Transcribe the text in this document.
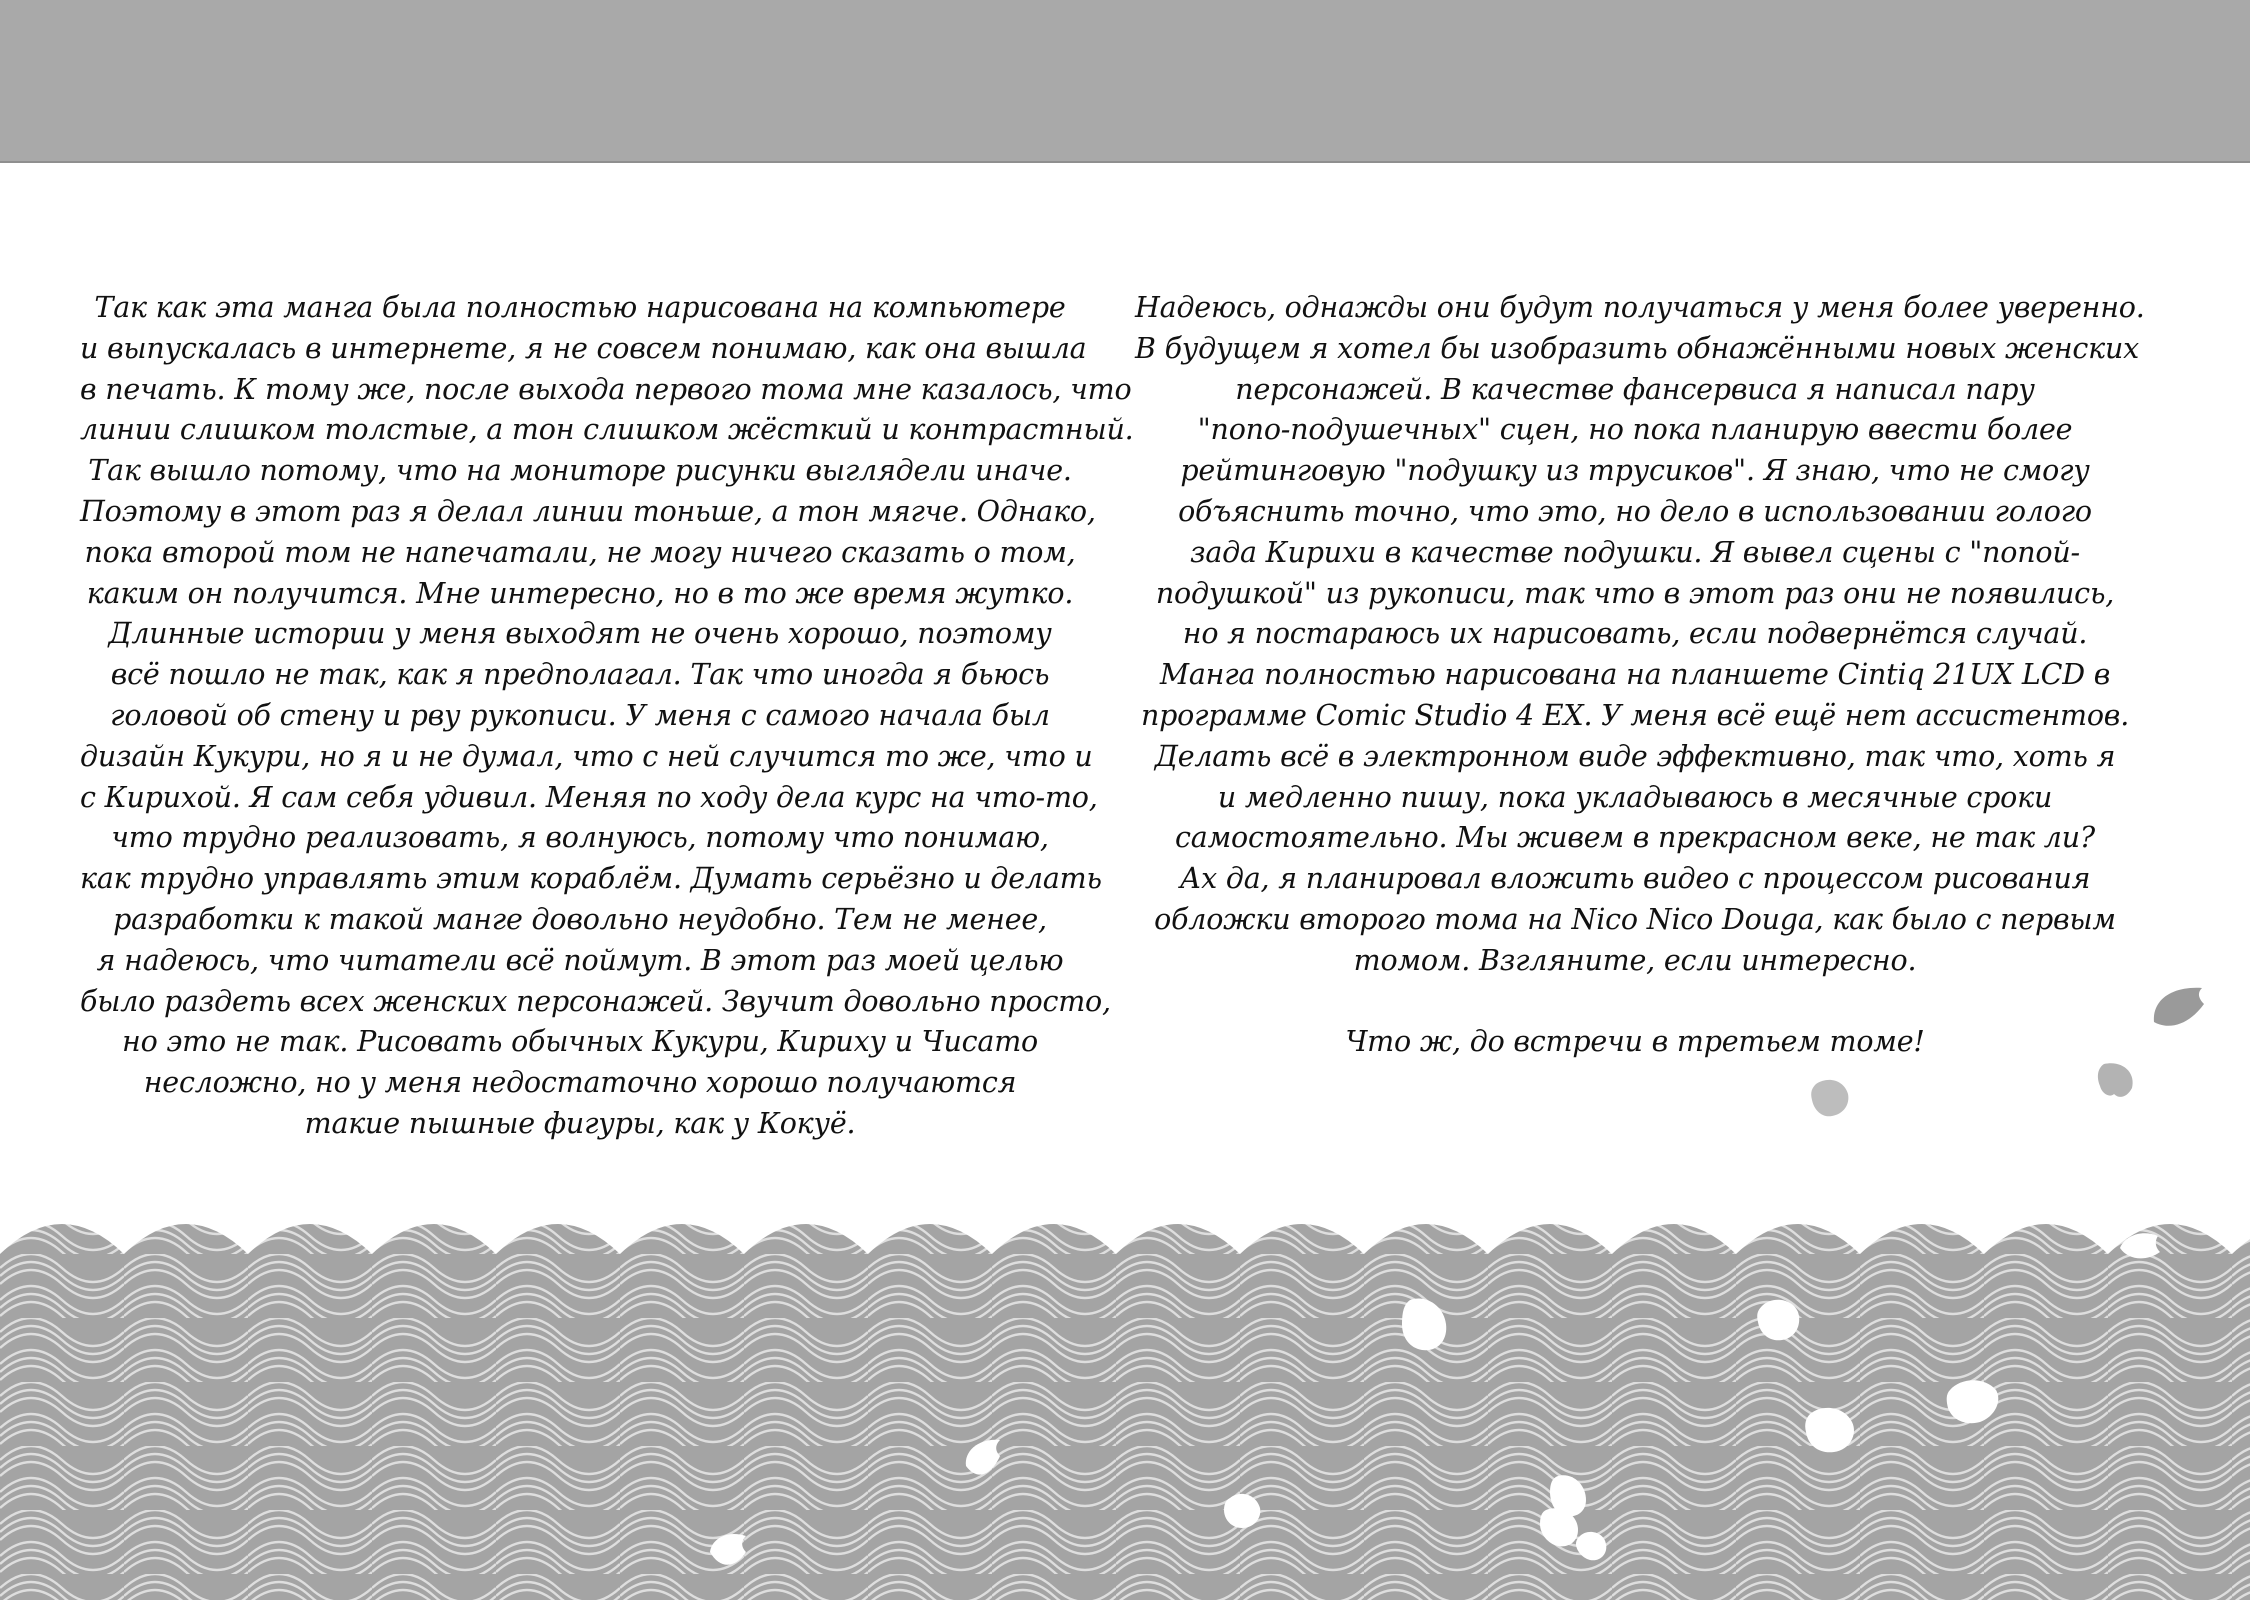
Так как эта манга была полностью нарисована на компьютере
и выпускалась в интернете, я не совсем понимаю, как она вышла
в печать. К тому же, после выхода первого тома мне казалось, что
линии слишком толстые, а тон слишком жёсткий и контрастный.
Так вышло потому, что на мониторе рисунки выглядели иначе.
Поэтому в этот раз я делал линии тоньше, а тон мягче. Однако,
пока второй том не напечатали, не могу ничего сказать о том,
каким он получится. Мне интересно, но в то же время жутко.
Длинные истории у меня выходят не очень хорошо, поэтому
всё пошло не так, как я предполагал. Так что иногда я бьюсь
головой об стену и рву рукописи. У меня с самого начала был
дизайн Кукури, но я и не думал, что с ней случится то же, что и
с Кирихой. Я сам себя удивил. Меняя по ходу дела курс на что-то,
что трудно реализовать, я волнуюсь, потому что понимаю,
как трудно управлять этим кораблём. Думать серьёзно и делать
разработки к такой манге довольно неудобно. Тем не менее,
я надеюсь, что читатели всё поймут. В этот раз моей целью
было раздеть всех женских персонажей. Звучит довольно просто,
но это не так. Рисовать обычных Кукури, Кириху и Чисато
несложно, но у меня недостаточно хорошо получаются
такие пышные фигуры, как у Кокуё.
Надеюсь, однажды они будут получаться у меня более уверенно.
В будущем я хотел бы изобразить обнажёнными новых женских
персонажей. В качестве фансервиса я написал пару
"попо-подушечных" сцен, но пока планирую ввести более
рейтинговую "подушку из трусиков". Я знаю, что не смогу
объяснить точно, что это, но дело в использовании голого
зада Кирихи в качестве подушки. Я вывел сцены с "попой-
подушкой" из рукописи, так что в этот раз они не появились,
но я постараюсь их нарисовать, если подвернётся случай.
Манга полностью нарисована на планшете Cintiq 21UX LCD в
программе Comic Studio 4 EX. У меня всё ещё нет ассистентов.
Делать всё в электронном виде эффективно, так что, хоть я
и медленно пишу, пока укладываюсь в месячные сроки
самостоятельно. Мы живем в прекрасном веке, не так ли?
Ах да, я планировал вложить видео с процессом рисования
обложки второго тома на Nico Nico Douga, как было с первым
томом. Взгляните, если интересно.
Что ж, до встречи в третьем томе!
